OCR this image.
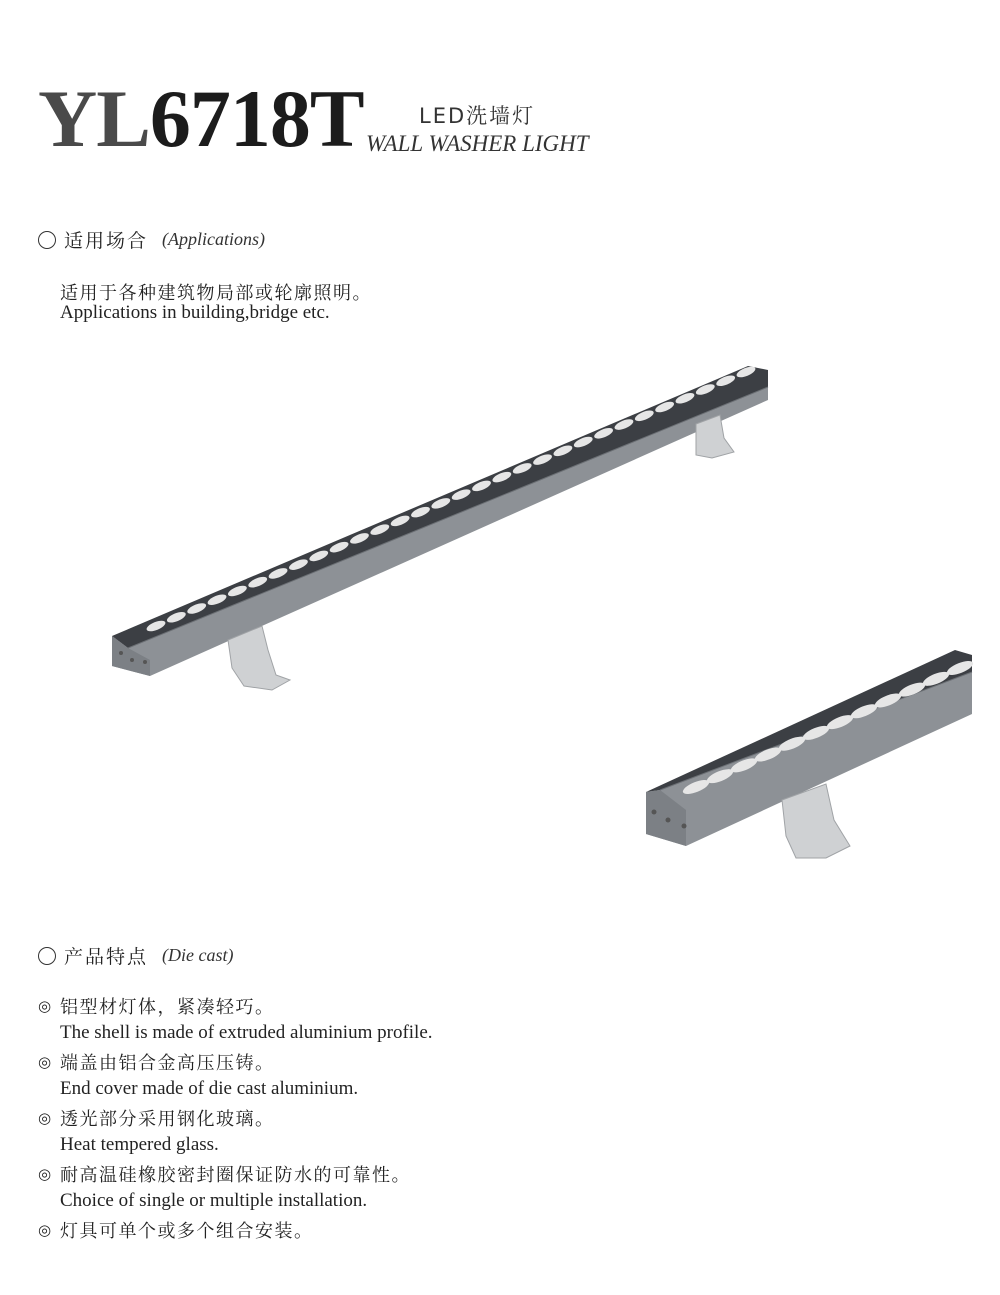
YL6718T	LED洗墙灯
WALL WASHER LIGHT
适用场合 (Applications)
适用于各种建筑物局部或轮廓照明。
Applications in building,bridge etc.
产品特点 (Die cast)
◎ 铝型材灯体，紧凑轻巧。
The shell is made of extruded aluminium profile.
◎ 端盖由铝合金高压压铸。
End cover made of die cast aluminium.
◎ 透光部分采用钢化玻璃。
Heat tempered glass.
◎ 耐高温硅橡胶密封圈保证防水的可靠性。
Choice of single or multiple installation.
◎ 灯具可单个或多个组合安装。
